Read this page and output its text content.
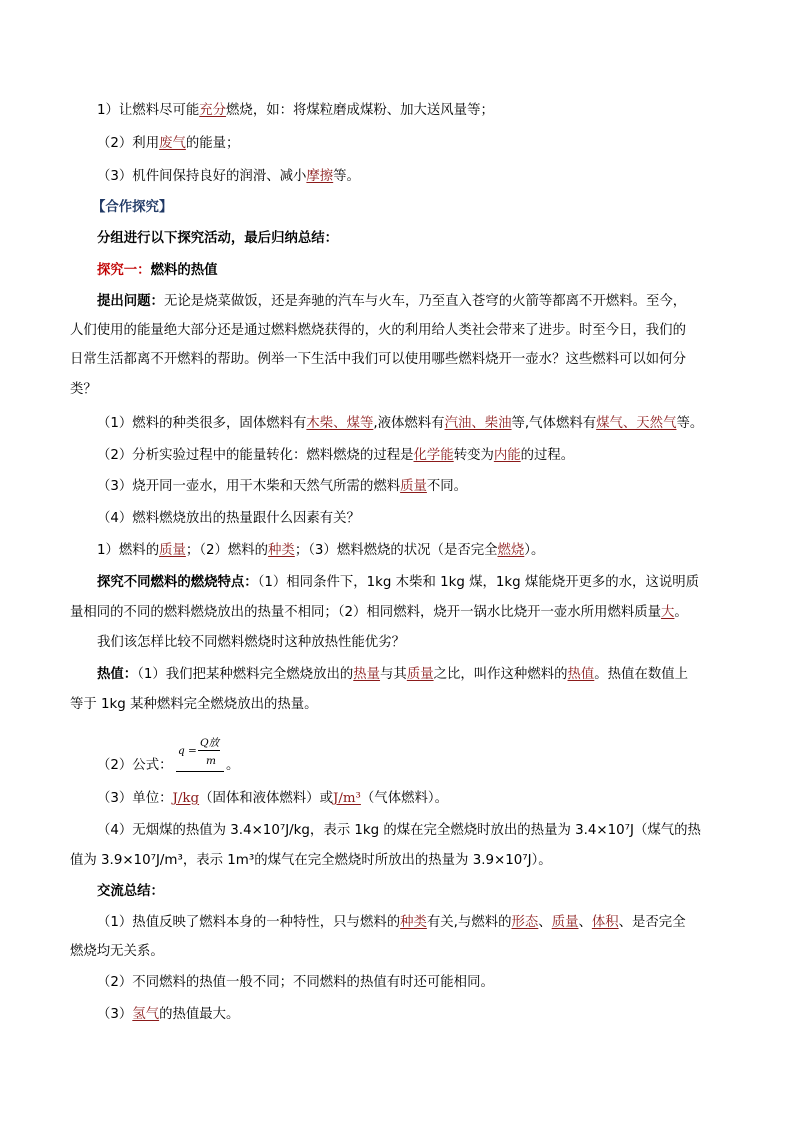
1）让燃料尽可能充分燃烧，如：将煤粒磨成煤粉、加大送风量等；
（2）利用废气的能量；
（3）机件间保持良好的润滑、减小摩擦等。
【合作探究】
分组进行以下探究活动，最后归纳总结：
探究一：燃料的热值
提出问题：无论是烧菜做饭，还是奔驰的汽车与火车，乃至直入苍穹的火箭等都离不开燃料。至今，
人们使用的能量绝大部分还是通过燃料燃烧获得的，火的利用给人类社会带来了进步。时至今日，我们的
日常生活都离不开燃料的帮助。例举一下生活中我们可以使用哪些燃料烧开一壶水？这些燃料可以如何分
类？
（1）燃料的种类很多，固体燃料有木柴、煤等,液体燃料有汽油、柴油等,气体燃料有煤气、天然气等。
（2）分析实验过程中的能量转化：燃料燃烧的过程是化学能转变为内能的过程。
（3）烧开同一壶水，用干木柴和天然气所需的燃料质量不同。
（4）燃料燃烧放出的热量跟什么因素有关？
1）燃料的质量；（2）燃料的种类；（3）燃料燃烧的状况（是否完全燃烧）。
探究不同燃料的燃烧特点：（1）相同条件下，1kg 木柴和 1kg 煤，1kg 煤能烧开更多的水，这说明质
量相同的不同的燃料燃烧放出的热量不相同；（2）相同燃料，烧开一锅水比烧开一壶水所用燃料质量大。
我们该怎样比较不同燃料燃烧时这种放热性能优劣？
热值：（1）我们把某种燃料完全燃烧放出的热量与其质量之比，叫作这种燃料的热值。热值在数值上
等于 1kg 某种燃料完全燃烧放出的热量。
（2）公式：
q =
Q放
m 。
（3）单位：J/kg（固体和液体燃料）或J/m³（气体燃料）。
（4）无烟煤的热值为 3.4×10⁷J/kg，表示 1kg 的煤在完全燃烧时放出的热量为 3.4×10⁷J（煤气的热
值为 3.9×10⁷J/m³，表示 1m³的煤气在完全燃烧时所放出的热量为 3.9×10⁷J）。
交流总结：
（1）热值反映了燃料本身的一种特性，只与燃料的种类有关,与燃料的形态、质量、体积、是否完全
燃烧均无关系。
（2）不同燃料的热值一般不同；不同燃料的热值有时还可能相同。
（3）氢气的热值最大。
